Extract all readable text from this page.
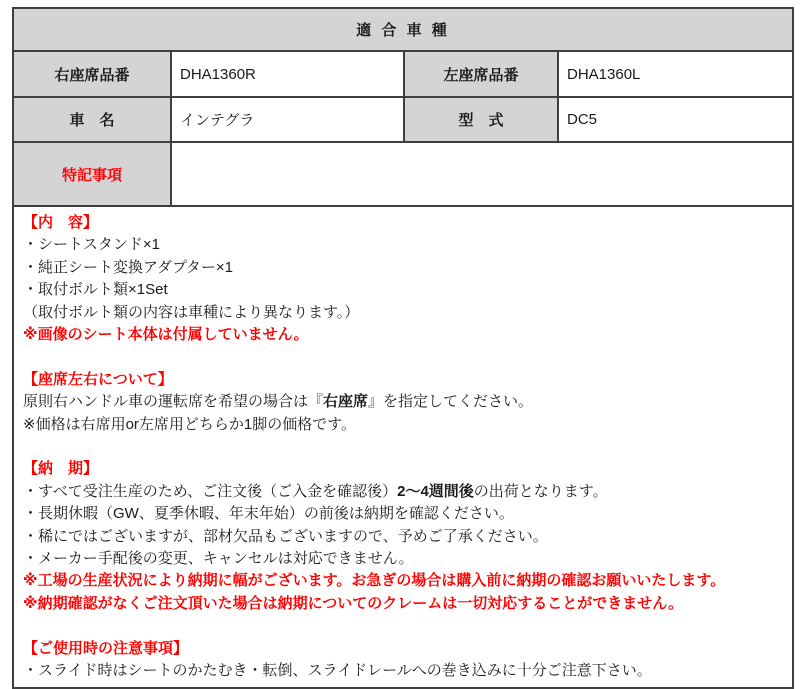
適 合 車 種			
右座席品番	DHA1360R	左座席品番	DHA1360L
車　名	インテグラ	型　式	DC5
特記事項			

【内　容】
・シートスタンド×1
・純正シート変換アダプター×1
・取付ボルト類×1Set
（取付ボルト類の内容は車種により異なります。）
※画像のシート本体は付属していません。
【座席左右について】
原則右ハンドル車の運転席を希望の場合は『右座席』を指定してください。
※価格は右席用or左席用どちらか1脚の価格です。
【納　期】
・すべて受注生産のため、ご注文後（ご入金を確認後）2～4週間後の出荷となります。
・長期休暇（GW、夏季休暇、年末年始）の前後は納期を確認ください。
・稀にではございますが、部材欠品もございますので、予めご了承ください。
・メーカー手配後の変更、キャンセルは対応できません。
※工場の生産状況により納期に幅がございます。お急ぎの場合は購入前に納期の確認お願いいたします。
※納期確認がなくご注文頂いた場合は納期についてのクレームは一切対応することができません。
【ご使用時の注意事項】
・スライド時はシートのかたむき・転倒、スライドレールへの巻き込みに十分ご注意下さい。
